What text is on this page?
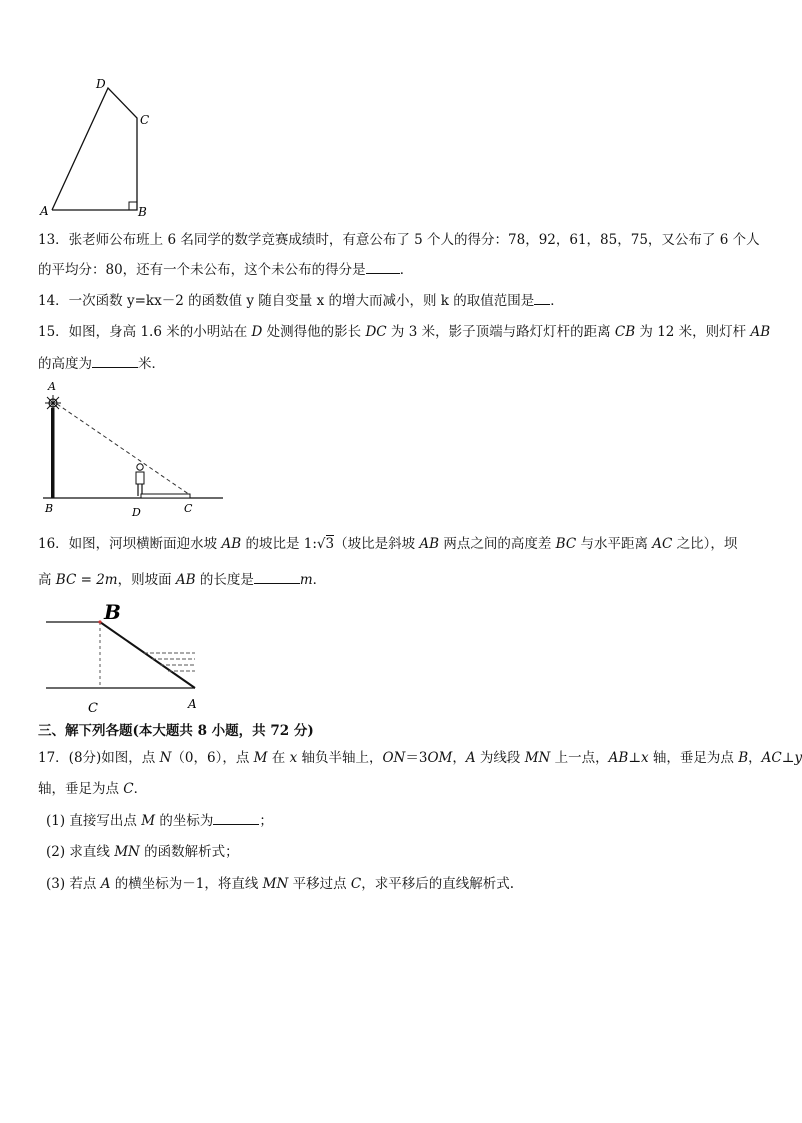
D
C
A	B
13．张老师公布班上 6 名同学的数学竞赛成绩时，有意公布了 5 个人的得分：78，92，61，85，75，又公布了 6 个人
的平均分：80，还有一个未公布，这个未公布的得分是	．
14．一次函数 y=kx－2 的函数值 y 随自变量 x 的增大而减小，则 k 的取值范围是 ．
15．如图，身高 1.6 米的小明站在 D 处测得他的影长 DC 为 3 米，影子顶端与路灯灯杆的距离 CB 为 12 米，则灯杆 AB
的高度为	米．
A
B	D	C
16．如图，河坝横断面迎水坡 AB 的坡比是 1:√3（坡比是斜坡 AB 两点之间的高度差 BC 与水平距离 AC 之比），坝
高 BC = 2m，则坡面 AB 的长度是	m．
B
C	A
三、解下列各题(本大题共 8 小题，共 72 分)
17．(8分)如图，点 N（0，6），点 M 在 x 轴负半轴上，ON＝3OM，A 为线段 MN 上一点，AB⊥x 轴，垂足为点 B，AC⊥y
轴，垂足为点 C．
(1) 直接写出点 M 的坐标为	；
(2) 求直线 MN 的函数解析式；
(3) 若点 A 的横坐标为－1，将直线 MN 平移过点 C，求平移后的直线解析式.
